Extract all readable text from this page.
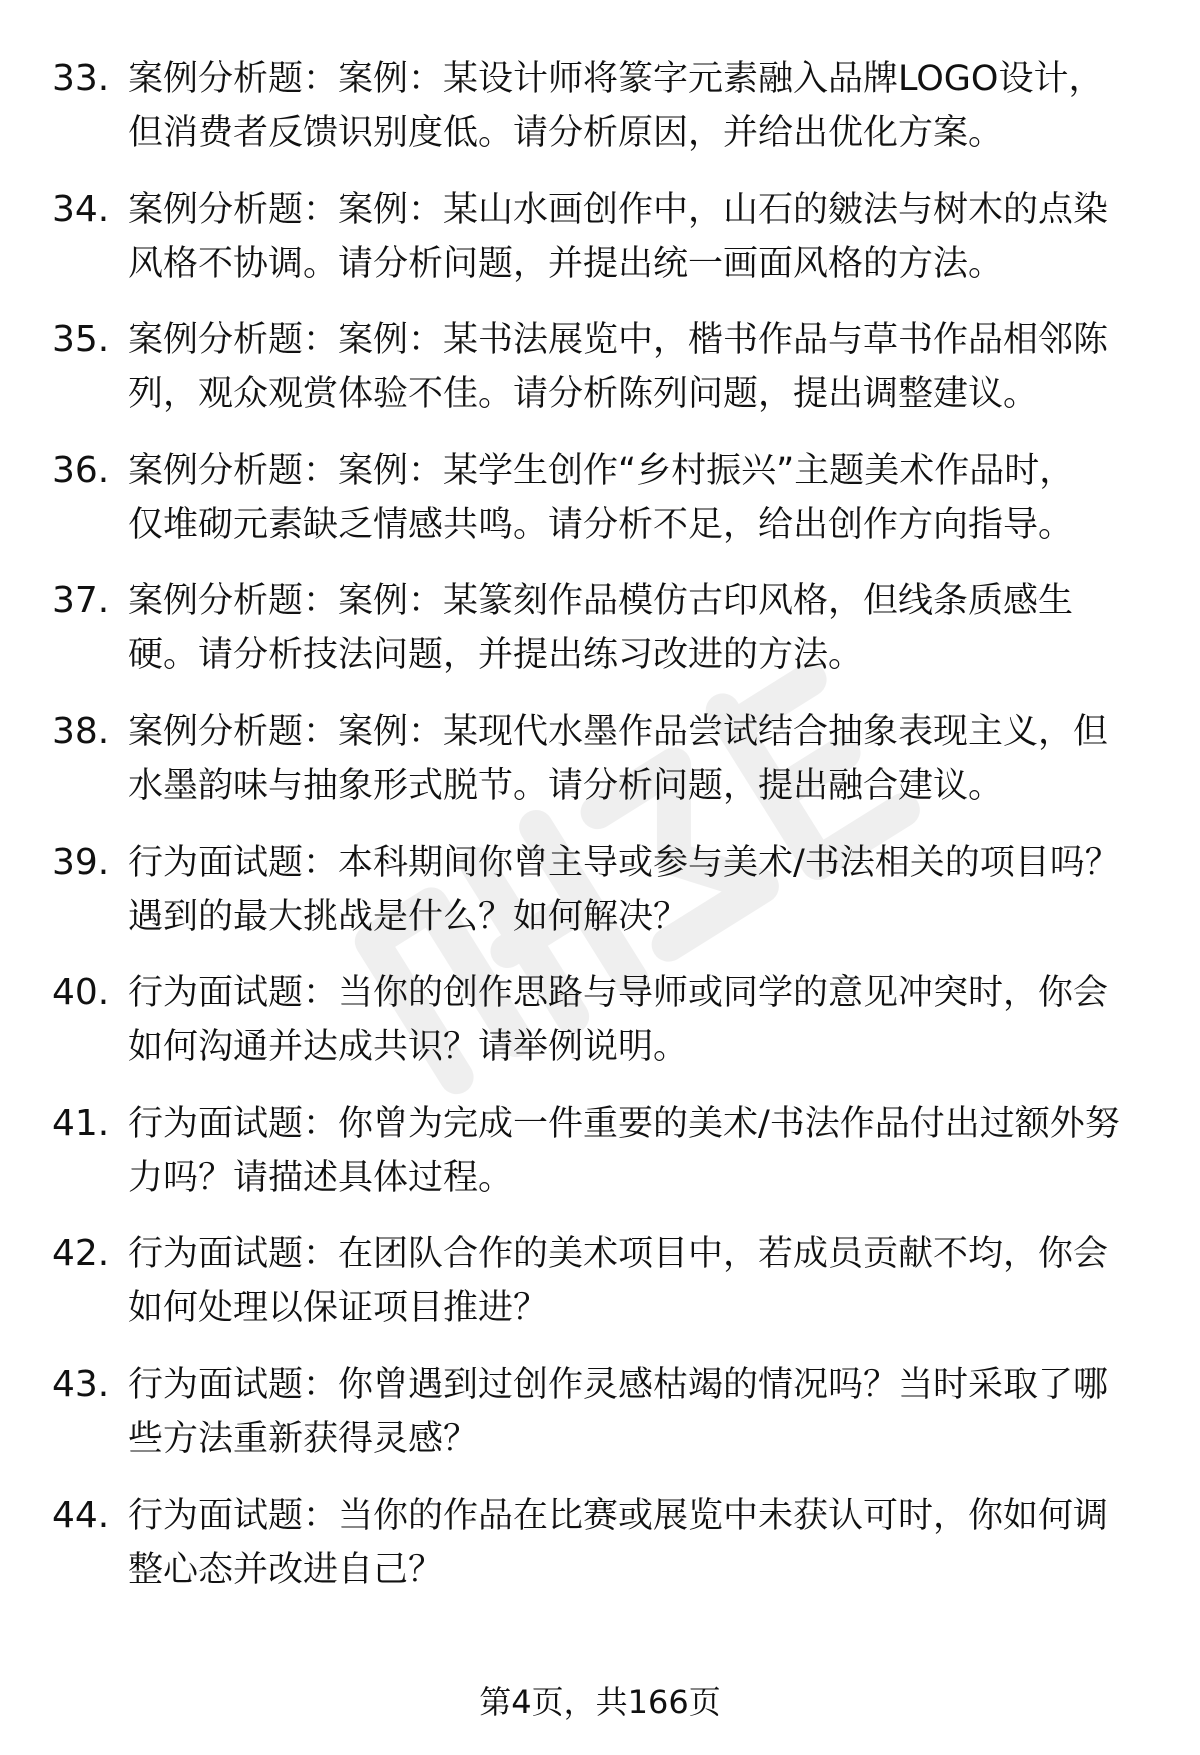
33. 案例分析题：案例：某设计师将篆字元素融入品牌LOGO设计，
但消费者反馈识别度低。请分析原因，并给出优化方案。
34. 案例分析题：案例：某山水画创作中，山石的皴法与树木的点染
风格不协调。请分析问题，并提出统一画面风格的方法。
35. 案例分析题：案例：某书法展览中，楷书作品与草书作品相邻陈
列，观众观赏体验不佳。请分析陈列问题，提出调整建议。
36. 案例分析题：案例：某学生创作“乡村振兴”主题美术作品时，
仅堆砌元素缺乏情感共鸣。请分析不足，给出创作方向指导。
37. 案例分析题：案例：某篆刻作品模仿古印风格，但线条质感生
硬。请分析技法问题，并提出练习改进的方法。
38. 案例分析题：案例：某现代水墨作品尝试结合抽象表现主义，但
水墨韵味与抽象形式脱节。请分析问题，提出融合建议。
39. 行为面试题：本科期间你曾主导或参与美术/书法相关的项目吗？
遇到的最大挑战是什么？如何解决？
40. 行为面试题：当你的创作思路与导师或同学的意见冲突时，你会
如何沟通并达成共识？请举例说明。
41. 行为面试题：你曾为完成一件重要的美术/书法作品付出过额外努
力吗？请描述具体过程。
42. 行为面试题：在团队合作的美术项目中，若成员贡献不均，你会
如何处理以保证项目推进？
43. 行为面试题：你曾遇到过创作灵感枯竭的情况吗？当时采取了哪
些方法重新获得灵感？
44. 行为面试题：当你的作品在比赛或展览中未获认可时，你如何调
整心态并改进自己？
第4页，共166页
